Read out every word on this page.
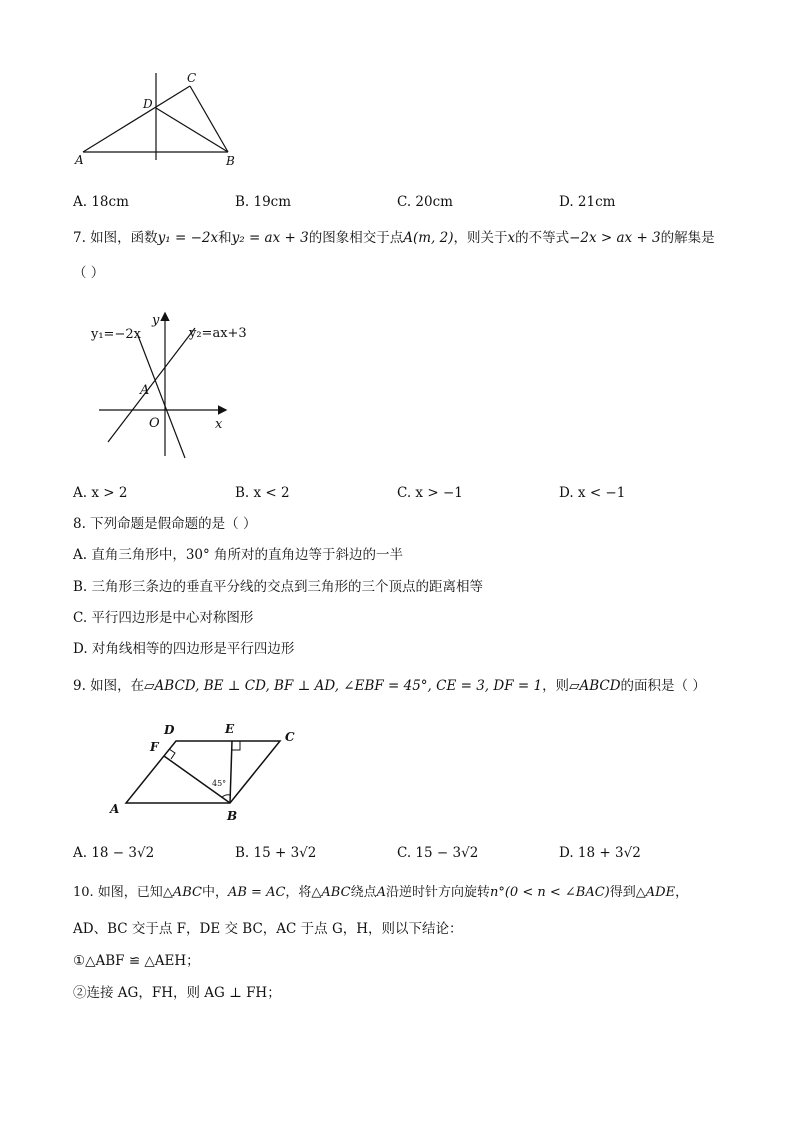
A	B
C
D
A. 18cm	B. 19cm	C. 20cm	D. 21cm
7. 如图，函数y₁ = −2x和y₂ = ax + 3的图象相交于点A(m, 2)，则关于x的不等式−2x > ax + 3的解集是
（ ）
y₁=−2x	y₂=ax+3
A
O	x
y
A. x > 2	B. x < 2	C. x > −1	D. x < −1
8. 下列命题是假命题的是（ ）
A. 直角三角形中，30° 角所对的直角边等于斜边的一半
B. 三角形三条边的垂直平分线的交点到三角形的三个顶点的距离相等
C. 平行四边形是中心对称图形
D. 对角线相等的四边形是平行四边形
9. 如图，在▱ABCD, BE ⊥ CD, BF ⊥ AD, ∠EBF = 45°, CE = 3, DF = 1，则▱ABCD的面积是（ ）
A	B
C
D	E
F
45°
A. 18 − 3√2	B. 15 + 3√2	C. 15 − 3√2	D. 18 + 3√2
10. 如图，已知△ABC中，AB = AC，将△ABC绕点A沿逆时针方向旋转n°(0 < n < ∠BAC)得到△ADE，
AD、BC 交于点 F，DE 交 BC，AC 于点 G，H，则以下结论：
①△ABF ≌ △AEH；
②连接 AG，FH，则 AG ⊥ FH；
